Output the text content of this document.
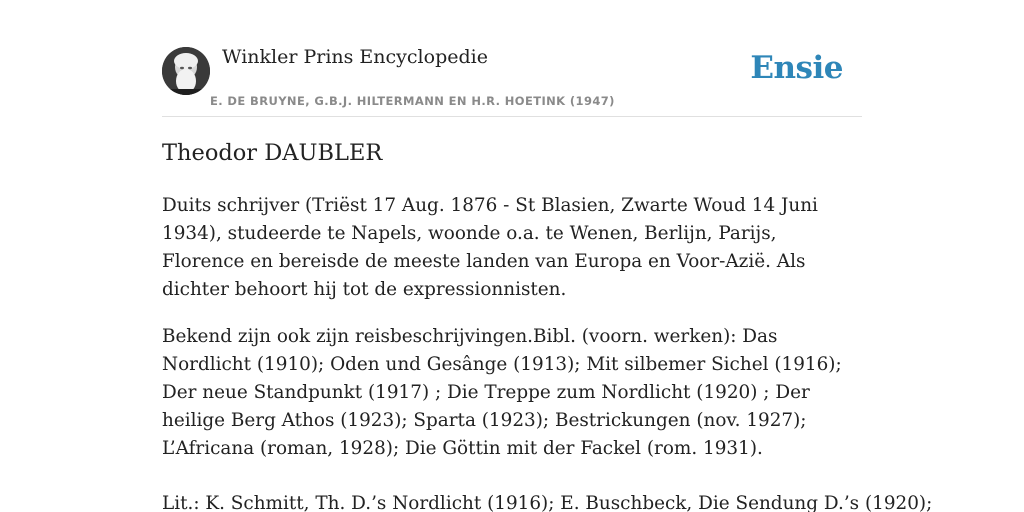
Winkler Prins Encyclopedie
E. DE BRUYNE, G.B.J. HILTERMANN EN H.R. HOETINK (1947)
Ensie
Theodor DAUBLER

Duits schrijver (Triëst 17 Aug. 1876 - St Blasien, Zwarte Woud 14 Juni 1934), studeerde te Napels, woonde o.a. te Wenen, Berlijn, Parijs, Florence en bereisde de meeste landen van Europa en Voor-Azië. Als dichter behoort hij tot de expressionnisten.

Bekend zijn ook zijn reisbeschrijvingen.Bibl. (voorn. werken): Das Nordlicht (1910); Oden und Gesânge (1913); Mit silbemer Sichel (1916); Der neue Standpunkt (1917) ; Die Treppe zum Nordlicht (1920) ; Der heilige Berg Athos (1923); Sparta (1923); Bestrickungen (nov. 1927); L’Africana (roman, 1928); Die Göttin mit der Fackel (rom. 1931).

Lit.: K. Schmitt, Th. D.’s Nordlicht (1916); E. Buschbeck, Die Sendung D.’s (1920);
